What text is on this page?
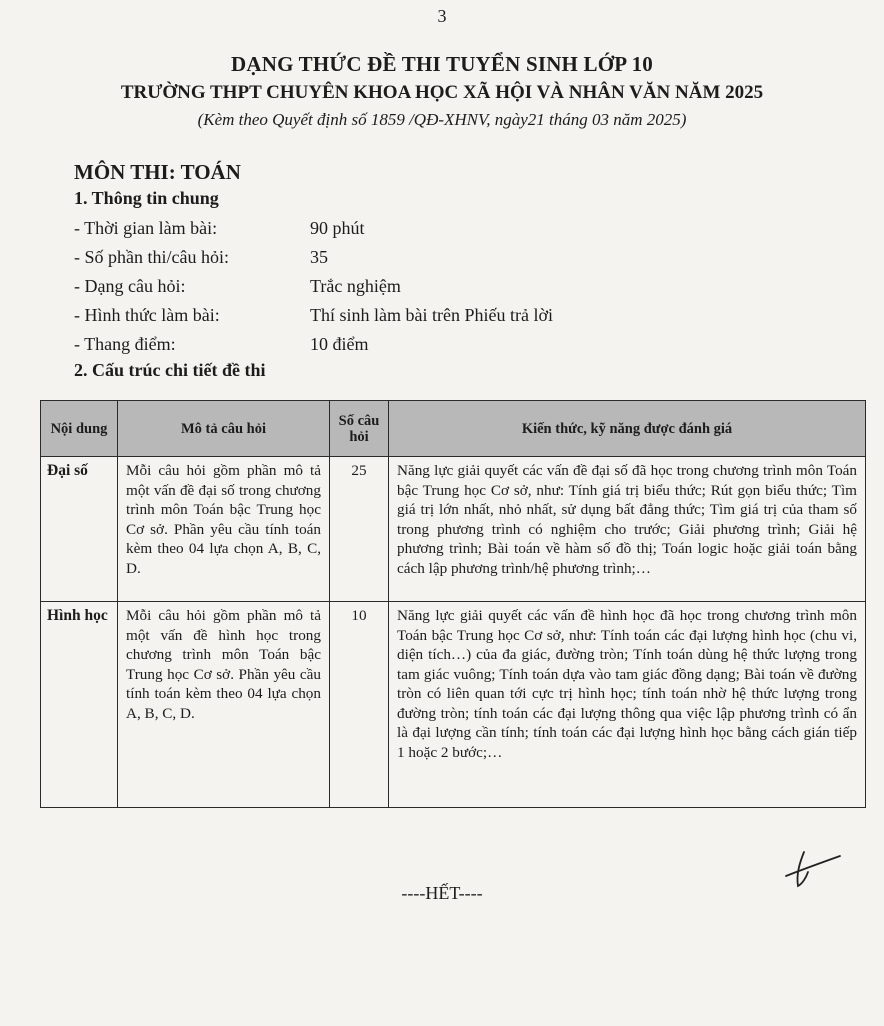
3
DẠNG THỨC ĐỀ THI TUYỂN SINH LỚP 10
TRƯỜNG THPT CHUYÊN KHOA HỌC XÃ HỘI VÀ NHÂN VĂN NĂM 2025
(Kèm theo Quyết định số 1859 /QĐ-XHNV, ngày21 tháng 03 năm 2025)
MÔN THI: TOÁN
1. Thông tin chung
- Thời gian làm bài:	90 phút
- Số phần thi/câu hỏi:	35
- Dạng câu hỏi:	Trắc nghiệm
- Hình thức làm bài:	Thí sinh làm bài trên Phiếu trả lời
- Thang điểm:	10 điểm
2. Cấu trúc chi tiết đề thi
Nội dung	Mô tả câu hỏi	Số câu hỏi	Kiến thức, kỹ năng được đánh giá
Đại số	Mỗi câu hỏi gồm phần mô tả một vấn đề đại số trong chương trình môn Toán bậc Trung học Cơ sở. Phần yêu cầu tính toán kèm theo 04 lựa chọn A, B, C, D.	25	Năng lực giải quyết các vấn đề đại số đã học trong chương trình môn Toán bậc Trung học Cơ sở, như: Tính giá trị biểu thức; Rút gọn biểu thức; Tìm giá trị lớn nhất, nhỏ nhất, sử dụng bất đẳng thức; Tìm giá trị của tham số trong phương trình có nghiệm cho trước; Giải phương trình; Giải hệ phương trình; Bài toán về hàm số đồ thị; Toán logic hoặc giải toán bằng cách lập phương trình/hệ phương trình;…
Hình học	Mỗi câu hỏi gồm phần mô tả một vấn đề hình học trong chương trình môn Toán bậc Trung học Cơ sở. Phần yêu cầu tính toán kèm theo 04 lựa chọn A, B, C, D.	10	Năng lực giải quyết các vấn đề hình học đã học trong chương trình môn Toán bậc Trung học Cơ sở, như: Tính toán các đại lượng hình học (chu vi, diện tích…) của đa giác, đường tròn; Tính toán dùng hệ thức lượng trong tam giác vuông; Tính toán dựa vào tam giác đồng dạng; Bài toán về đường tròn có liên quan tới cực trị hình học; tính toán nhờ hệ thức lượng trong đường tròn; tính toán các đại lượng thông qua việc lập phương trình có ẩn là đại lượng cần tính; tính toán các đại lượng hình học bằng cách gián tiếp 1 hoặc 2 bước;…
----HẾT----
